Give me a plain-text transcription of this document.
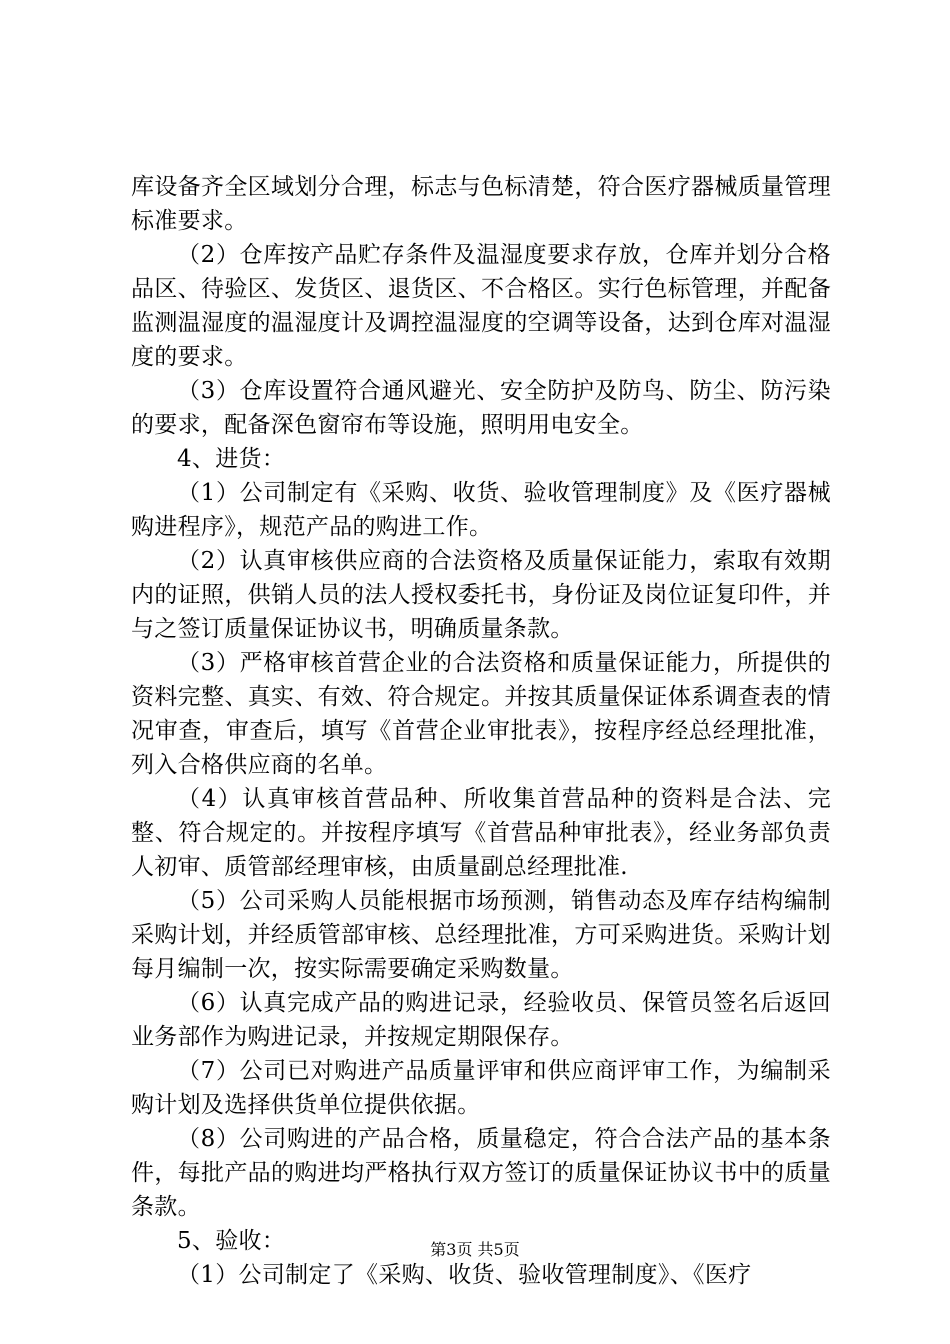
库设备齐全区域划分合理，标志与色标清楚，符合医疗器械质量管理标准要求。

（2）仓库按产品贮存条件及温湿度要求存放，仓库并划分合格品区、待验区、发货区、退货区、不合格区。实行色标管理，并配备监测温湿度的温湿度计及调控温湿度的空调等设备，达到仓库对温湿度的要求。

（3）仓库设置符合通风避光、安全防护及防鸟、防尘、防污染的要求，配备深色窗帘布等设施，照明用电安全。

4、进货：

（1）公司制定有《采购、收货、验收管理制度》及《医疗器械购进程序》，规范产品的购进工作。

（2）认真审核供应商的合法资格及质量保证能力，索取有效期内的证照，供销人员的法人授权委托书，身份证及岗位证复印件，并与之签订质量保证协议书，明确质量条款。

（3）严格审核首营企业的合法资格和质量保证能力，所提供的资料完整、真实、有效、符合规定。并按其质量保证体系调查表的情况审查，审查后，填写《首营企业审批表》，按程序经总经理批准，列入合格供应商的名单。

（4）认真审核首营品种、所收集首营品种的资料是合法、完整、符合规定的。并按程序填写《首营品种审批表》，经业务部负责人初审、质管部经理审核，由质量副总经理批准.

（5）公司采购人员能根据市场预测，销售动态及库存结构编制采购计划，并经质管部审核、总经理批准，方可采购进货。采购计划每月编制一次，按实际需要确定采购数量。

（6）认真完成产品的购进记录，经验收员、保管员签名后返回业务部作为购进记录，并按规定期限保存。

（7）公司已对购进产品质量评审和供应商评审工作，为编制采购计划及选择供货单位提供依据。

（8）公司购进的产品合格，质量稳定，符合合法产品的基本条件，每批产品的购进均严格执行双方签订的质量保证协议书中的质量条款。

5、验收：

（1）公司制定了《采购、收货、验收管理制度》、《医疗

第3页 共5页
